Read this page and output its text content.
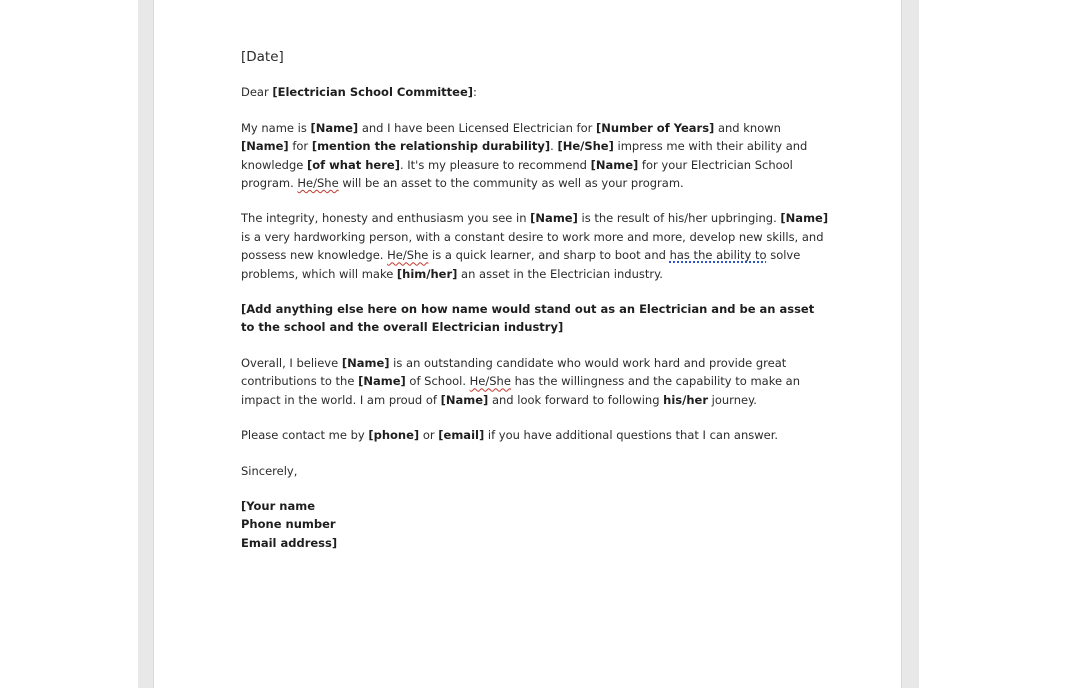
[Date]

Dear [Electrician School Committee]:

My name is [Name] and I have been Licensed Electrician for [Number of Years] and known [Name] for [mention the relationship durability]. [He/She] impress me with their ability and knowledge [of what here]. It's my pleasure to recommend [Name] for your Electrician School program. He/She will be an asset to the community as well as your program.

The integrity, honesty and enthusiasm you see in [Name] is the result of his/her upbringing. [Name] is a very hardworking person, with a constant desire to work more and more, develop new skills, and possess new knowledge. He/She is a quick learner, and sharp to boot and has the ability to solve problems, which will make [him/her] an asset in the Electrician industry.

[Add anything else here on how name would stand out as an Electrician and be an asset to the school and the overall Electrician industry]

Overall, I believe [Name] is an outstanding candidate who would work hard and provide great contributions to the [Name] of School. He/She has the willingness and the capability to make an impact in the world. I am proud of [Name] and look forward to following his/her journey.

Please contact me by [phone] or [email] if you have additional questions that I can answer.

Sincerely,

[Your name

Phone number

Email address]
